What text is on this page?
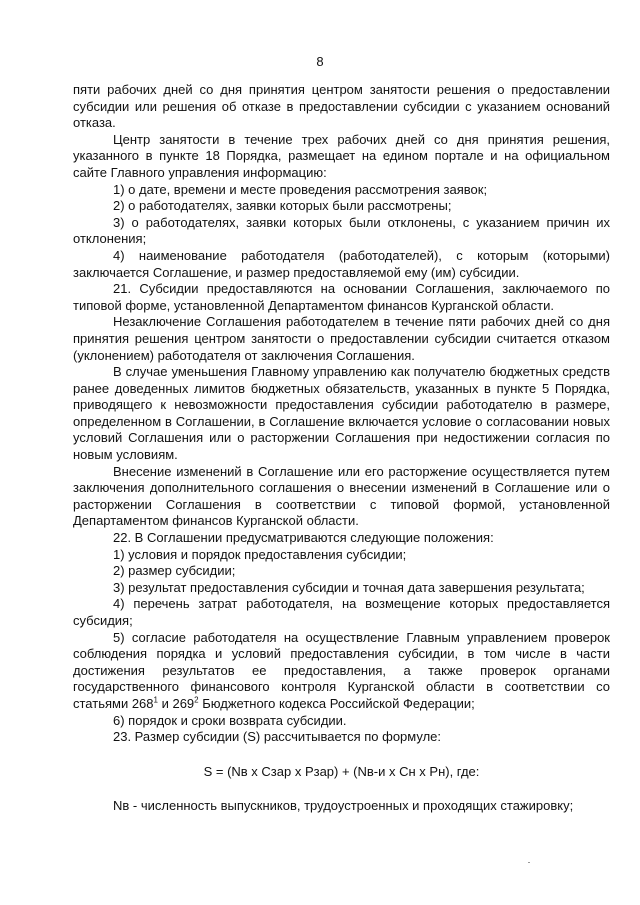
8

пяти рабочих дней со дня принятия центром занятости решения о предоставлении субсидии или решения об отказе в предоставлении субсидии с указанием оснований отказа.

Центр занятости в течение трех рабочих дней со дня принятия решения, указанного в пункте 18 Порядка, размещает на едином портале и на официальном сайте Главного управления информацию:

1) о дате, времени и месте проведения рассмотрения заявок;

2) о работодателях, заявки которых были рассмотрены;

3) о работодателях, заявки которых были отклонены, с указанием причин их отклонения;

4) наименование работодателя (работодателей), с которым (которыми) заключается Соглашение, и размер предоставляемой ему (им) субсидии.

21. Субсидии предоставляются на основании Соглашения, заключаемого по типовой форме, установленной Департаментом финансов Курганской области.

Незаключение Соглашения работодателем в течение пяти рабочих дней со дня принятия решения центром занятости о предоставлении субсидии считается отказом (уклонением) работодателя от заключения Соглашения.

В случае уменьшения Главному управлению как получателю бюджетных средств ранее доведенных лимитов бюджетных обязательств, указанных в пункте 5 Порядка, приводящего к невозможности предоставления субсидии работодателю в размере, определенном в Соглашении, в Соглашение включается условие о согласовании новых условий Соглашения или о расторжении Соглашения при недостижении согласия по новым условиям.

Внесение изменений в Соглашение или его расторжение осуществляется путем заключения дополнительного соглашения о внесении изменений в Соглашение или о расторжении Соглашения в соответствии с типовой формой, установленной Департаментом финансов Курганской области.

22. В Соглашении предусматриваются следующие положения:

1) условия и порядок предоставления субсидии;

2) размер субсидии;

3) результат предоставления субсидии и точная дата завершения результата;

4) перечень затрат работодателя, на возмещение которых предоставляется субсидия;

5) согласие работодателя на осуществление Главным управлением проверок соблюдения порядка и условий предоставления субсидии, в том числе в части достижения результатов ее предоставления, а также проверок органами государственного финансового контроля Курганской области в соответствии со статьями $268^1$ и $269^2$ Бюджетного кодекса Российской Федерации;

6) порядок и сроки возврата субсидии.

23. Размер субсидии (S) рассчитывается по формуле:

S = (Nв x Сзар x Рзар) + (Nв-и x Сн x Рн), где:

Nв - численность выпускников, трудоустроенных и проходящих стажировку;
